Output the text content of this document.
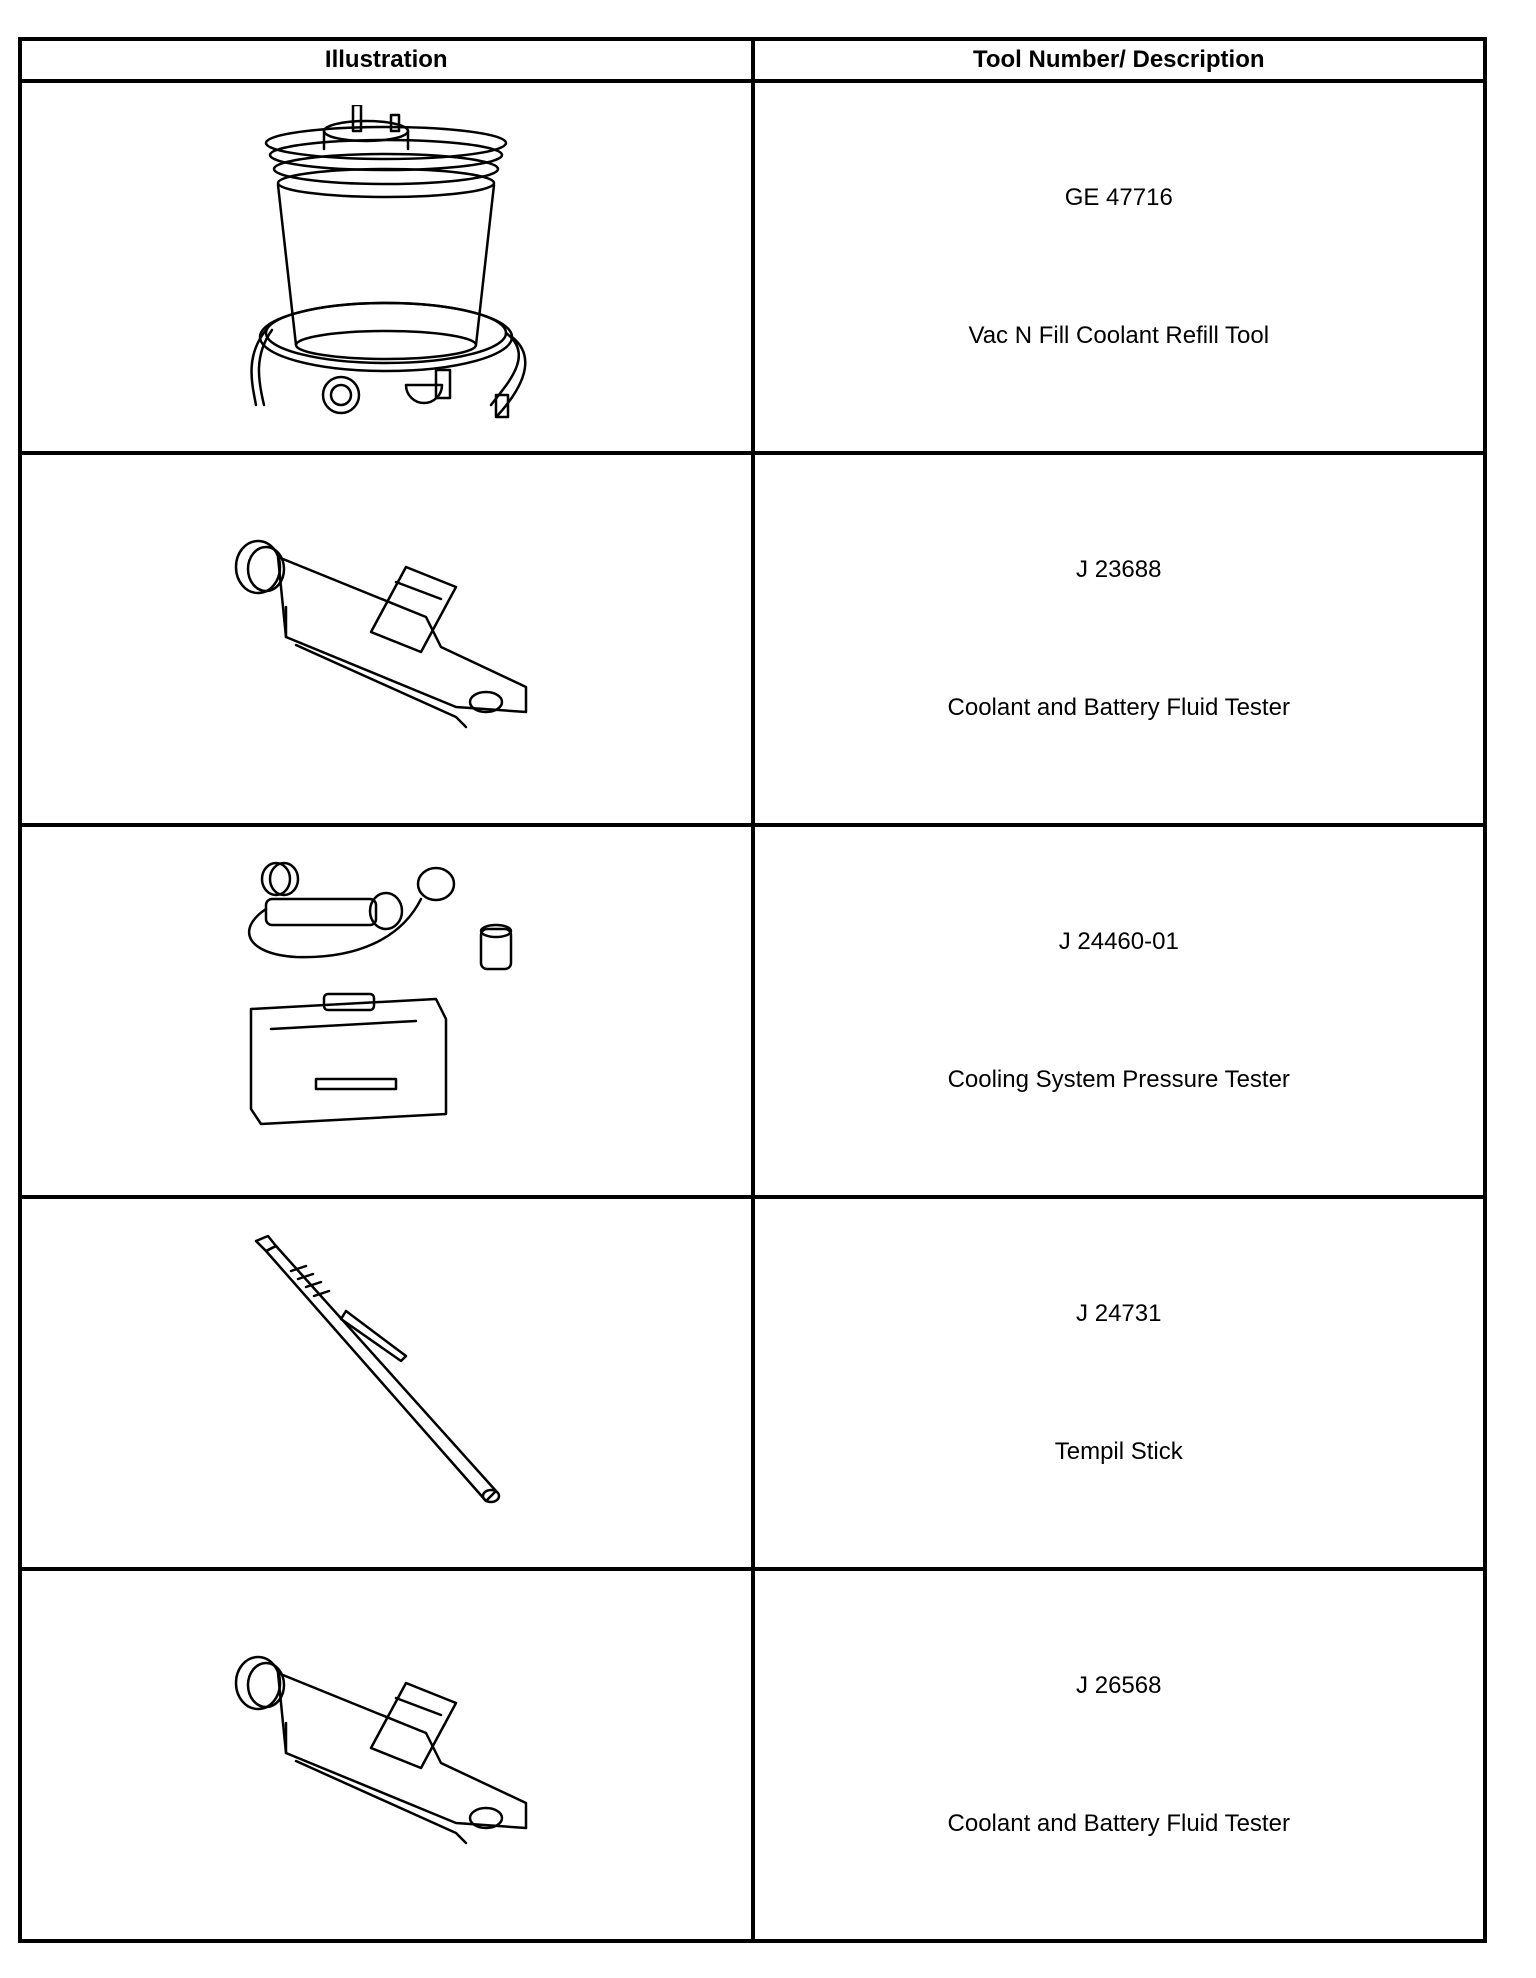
Illustration	Tool Number/ Description

GE 47716
Vac N Fill Coolant Refill Tool

J 23688
Coolant and Battery Fluid Tester

J 24460-01
Cooling System Pressure Tester

J 24731
Tempil Stick

J 26568
Coolant and Battery Fluid Tester
